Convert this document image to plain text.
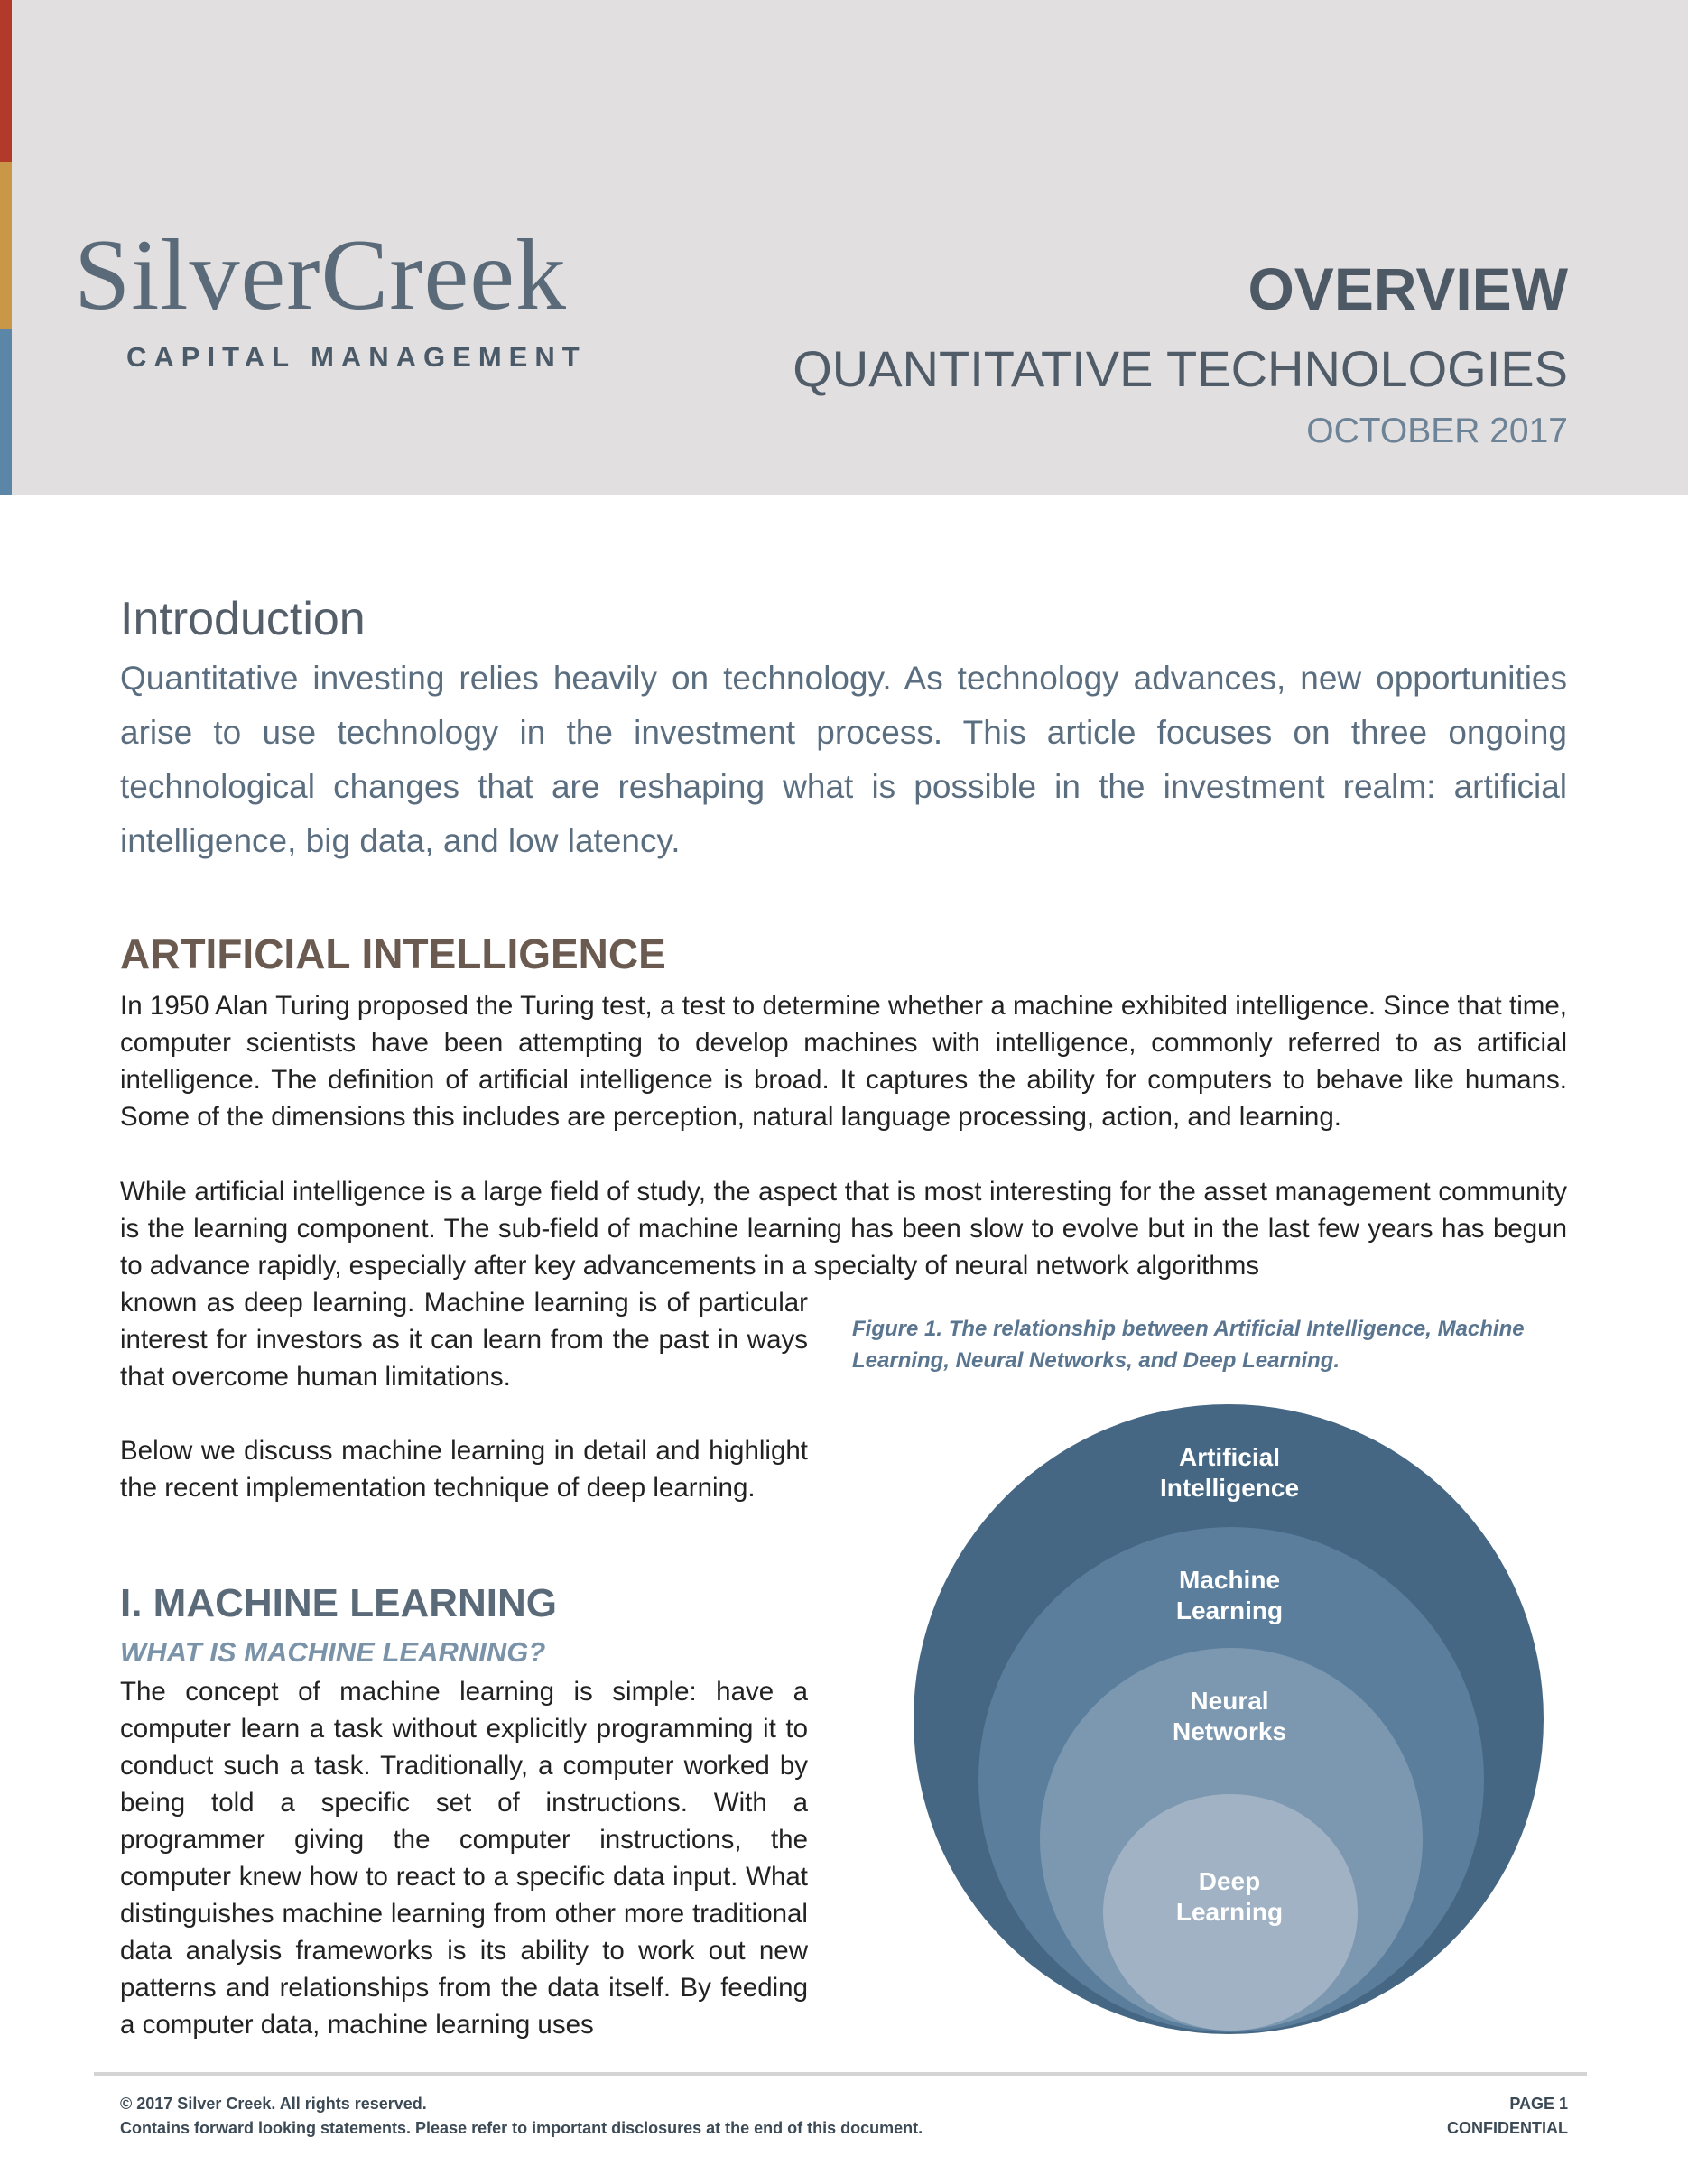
SilverCreek
CAPITAL MANAGEMENT
OVERVIEW
QUANTITATIVE TECHNOLOGIES
OCTOBER 2017
Introduction

Quantitative investing relies heavily on technology. As technology advances, new opportunities arise to use technology in the investment process. This article focuses on three ongoing technological changes that are reshaping what is possible in the investment realm: artificial intelligence, big data, and low latency.

ARTIFICIAL INTELLIGENCE

In 1950 Alan Turing proposed the Turing test, a test to determine whether a machine exhibited intelligence. Since that time, computer scientists have been attempting to develop machines with intelligence, commonly referred to as artificial intelligence. The definition of artificial intelligence is broad. It captures the ability for computers to behave like humans. Some of the dimensions this includes are perception, natural language processing, action, and learning.

While artificial intelligence is a large field of study, the aspect that is most interesting for the asset management community is the learning component. The sub-field of machine learning has been slow to evolve but in the last few years has begun to advance rapidly, especially after key advancements in a specialty of neural network algorithms

known as deep learning. Machine learning is of particular interest for investors as it can learn from the past in ways that overcome human limitations.

Below we discuss machine learning in detail and highlight the recent implementation technique of deep learning.

I. MACHINE LEARNING
WHAT IS MACHINE LEARNING?

The concept of machine learning is simple: have a computer learn a task without explicitly programming it to conduct such a task. Traditionally, a computer worked by being told a specific set of instructions. With a programmer giving the computer instructions, the computer knew how to react to a specific data input. What distinguishes machine learning from other more traditional data analysis frameworks is its ability to work out new patterns and relationships from the data itself. By feeding a computer data, machine learning uses

Figure 1. The relationship between Artificial Intelligence, Machine Learning, Neural Networks, and Deep Learning.

Artificial
Intelligence
Machine
Learning
Neural
Networks
Deep
Learning
© 2017 Silver Creek. All rights reserved.
Contains forward looking statements. Please refer to important disclosures at the end of this document.
PAGE 1
CONFIDENTIAL
